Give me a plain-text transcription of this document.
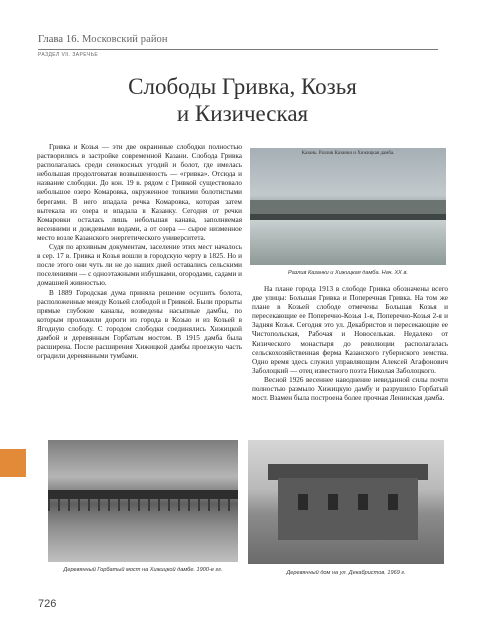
Глава 16. Московский район
РАЗДЕЛ VII. ЗАРЕЧЬЕ
Слободы Гривка, Козья
и Кизическая

Гривка и Козья — эти две окраинные слободки полностью растворились в застройке современной Казани. Слобода Гривка располагалась среди сенокосных угодий и болот, где имелась небольшая продолговатая возвышенность — «гривка». Отсюда и название слободки. До кон. 19 в. рядом с Гривкой существовало небольшое озеро Комаровка, окруженное топкими болотистыми берегами. В него впадала речка Комаровка, которая затем вытекала из озера и впадала в Казанку. Сегодня от речки Комаровки осталась лишь небольшая канава, заполняемая весенними и дождевыми водами, а от озера — сырое низменное место возле Казанского энергетического университета.

Судя по архивным документам, заселение этих мест началось в сер. 17 в. Гривка и Козья вошли в городскую черту в 1825. Но и после этого они чуть ли не до наших дней оставались сельскими поселениями — с одноэтажными избушками, огородами, садами и домашней живностью.

В 1889 Городская дума приняла решение осушить болота, расположенные между Козьей слободой и Гривкой. Были прорыты прямые глубокие каналы, возведены насыпные дамбы, по которым проложили дороги из города в Козью и из Козьей в Ягодную слободу. С городом слободки соединялись Хижицкой дамбой и деревянным Горбатым мостом. В 1915 дамба была расширена. После расширения Хижицкой дамбы проезжую часть оградили деревянными тумбами.

Казань. Разлив Казанки и Хижицкая дамба.
Разлив Казанки и Хижицкая дамба. Нач. XX в.

На плане города 1913 в слободе Гривка обозначены всего две улицы: Большая Гривка и Поперечная Гривка. На том же плане в Козьей слободе отмечены Большая Козья и пересекающие ее Поперечно-Козья 1-я, Поперечно-Козья 2-я и Задняя Козья. Сегодня это ул. Декабристов и пересекающие ее Чистопольская, Рабочая и Новоселькая. Недалеко от Кизического монастыря до революции располагалась сельскохозяйственная ферма Казанского губернского земства. Одно время здесь служил управляющим Алексей Агафонович Заболоцкий — отец известного поэта Николая Заболоцкого.

Весной 1926 весеннее наводнение невиданной силы почти полностью размыло Хижицкую дамбу и разрушило Горбатый мост. Взамен была построена более прочная Ленинская дамба.

Деревянный Горбатый мост на Хижицкой дамбе. 1900-е гг.	Деревянный дом на ул. Декабристов. 1969 г.
726
